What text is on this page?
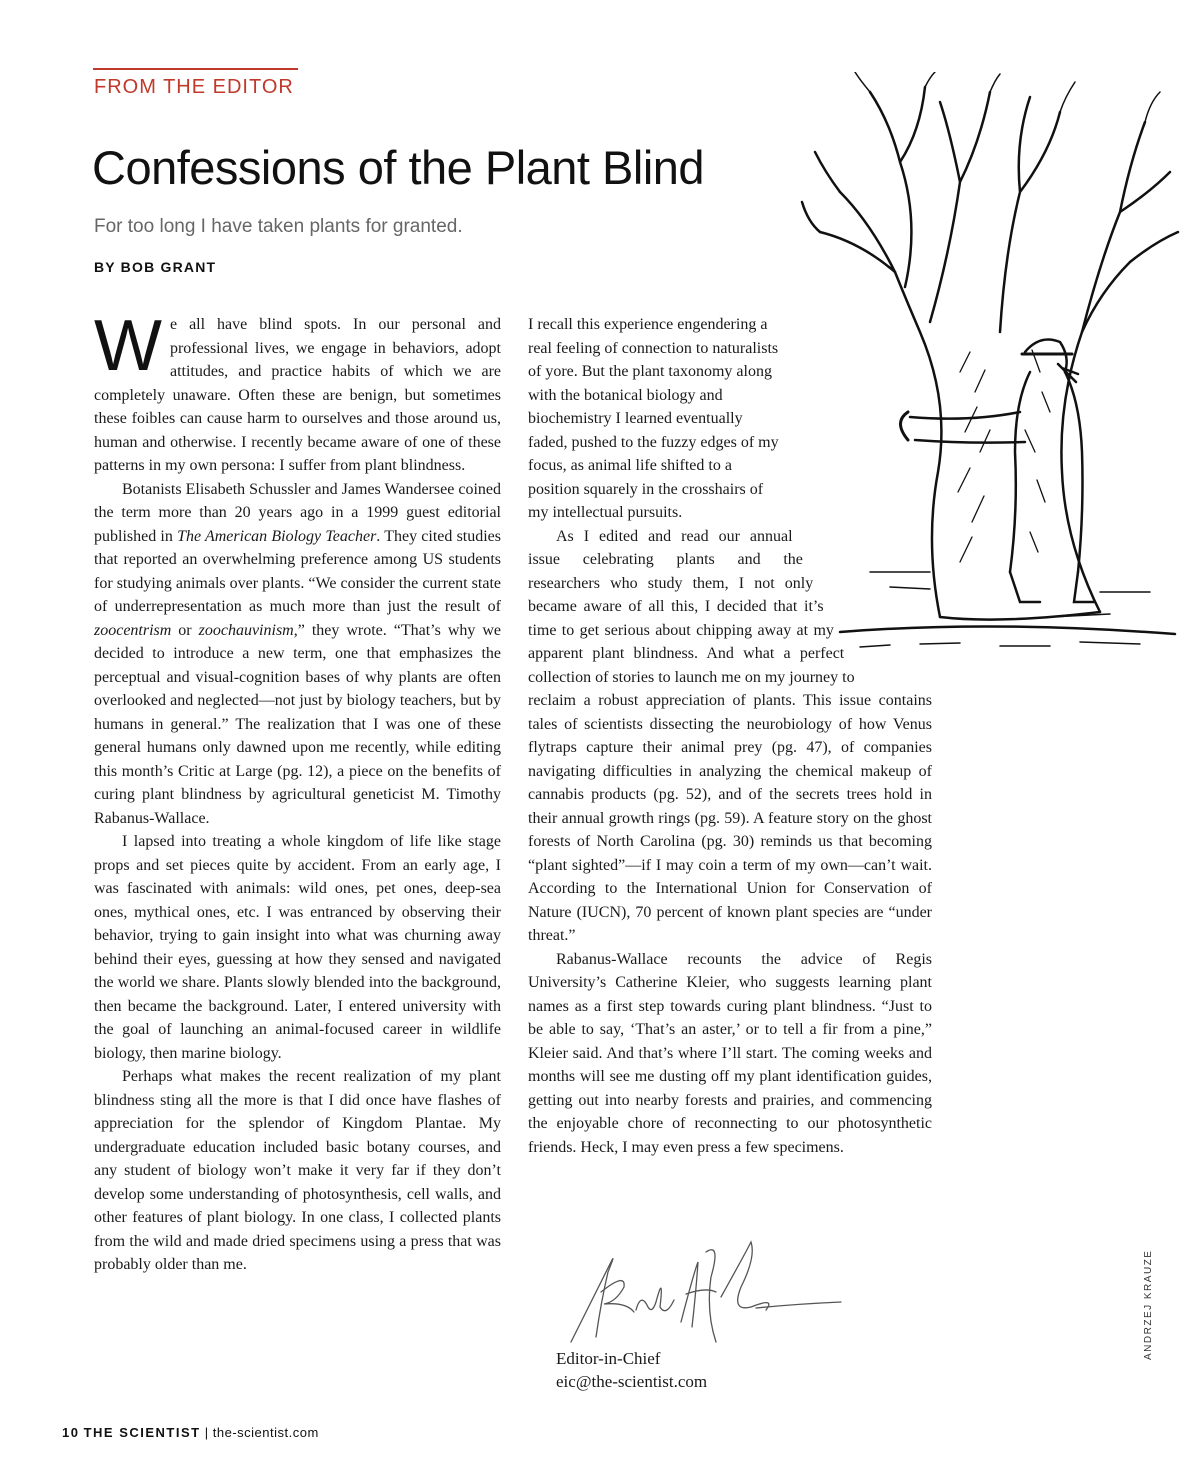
FROM THE EDITOR

Confessions of the Plant Blind

For too long I have taken plants for granted.

BY BOB GRANT

We all have blind spots. In our personal and professional lives, we engage in behaviors, adopt attitudes, and practice habits of which we are completely unaware. Often these are benign, but sometimes these foibles can cause harm to ourselves and those around us, human and otherwise. I recently became aware of one of these patterns in my own persona: I suffer from plant blindness.

Botanists Elisabeth Schussler and James Wandersee coined the term more than 20 years ago in a 1999 guest editorial published in The American Biology Teacher. They cited studies that reported an overwhelming preference among US students for studying animals over plants. “We consider the current state of underrepresentation as much more than just the result of zoocentrism or zoochauvinism,” they wrote. “That’s why we decided to introduce a new term, one that emphasizes the perceptual and visual-cognition bases of why plants are often overlooked and neglected—not just by biology teachers, but by humans in general.” The realization that I was one of these general humans only dawned upon me recently, while editing this month’s Critic at Large (pg. 12), a piece on the benefits of curing plant blindness by agricultural geneticist M. Timothy Rabanus-Wallace.

I lapsed into treating a whole kingdom of life like stage props and set pieces quite by accident. From an early age, I was fascinated with animals: wild ones, pet ones, deep-sea ones, mythical ones, etc. I was entranced by observing their behavior, trying to gain insight into what was churning away behind their eyes, guessing at how they sensed and navigated the world we share. Plants slowly blended into the background, then became the background. Later, I entered university with the goal of launching an animal-focused career in wildlife biology, then marine biology.

Perhaps what makes the recent realization of my plant blindness sting all the more is that I did once have flashes of appreciation for the splendor of Kingdom Plantae. My undergraduate education included basic botany courses, and any student of biology won’t make it very far if they don’t develop some understanding of photosynthesis, cell walls, and other features of plant biology. In one class, I collected plants from the wild and made dried specimens using a press that was probably older than me.

I recall this experience engendering a real feeling of connection to naturalists of yore. But the plant taxonomy along with the botanical biology and biochemistry I learned eventually faded, pushed to the fuzzy edges of my focus, as animal life shifted to a position squarely in the crosshairs of my intellectual pursuits.

As I edited and read our annual issue celebrating plants and the researchers who study them, I not only became aware of all this, I decided that it’s time to get serious about chipping away at my apparent plant blindness. And what a perfect collection of stories to launch me on my journey to reclaim a robust appreciation of plants. This issue contains tales of scientists dissecting the neurobiology of how Venus flytraps capture their animal prey (pg. 47), of companies navigating difficulties in analyzing the chemical makeup of cannabis products (pg. 52), and of the secrets trees hold in their annual growth rings (pg. 59). A feature story on the ghost forests of North Carolina (pg. 30) reminds us that becoming “plant sighted”—if I may coin a term of my own—can’t wait. According to the International Union for Conservation of Nature (IUCN), 70 percent of known plant species are “under threat.”

Rabanus-Wallace recounts the advice of Regis University’s Catherine Kleier, who suggests learning plant names as a first step towards curing plant blindness. “Just to be able to say, ‘That’s an aster,’ or to tell a fir from a pine,” Kleier said. And that’s where I’ll start. The coming weeks and months will see me dusting off my plant identification guides, getting out into nearby forests and prairies, and commencing the enjoyable chore of reconnecting to our photosynthetic friends. Heck, I may even press a few specimens.

Editor-in-Chief

eic@the-scientist.com

ANDRZEJ KRAUZE

10 THE SCIENTIST | the-scientist.com
